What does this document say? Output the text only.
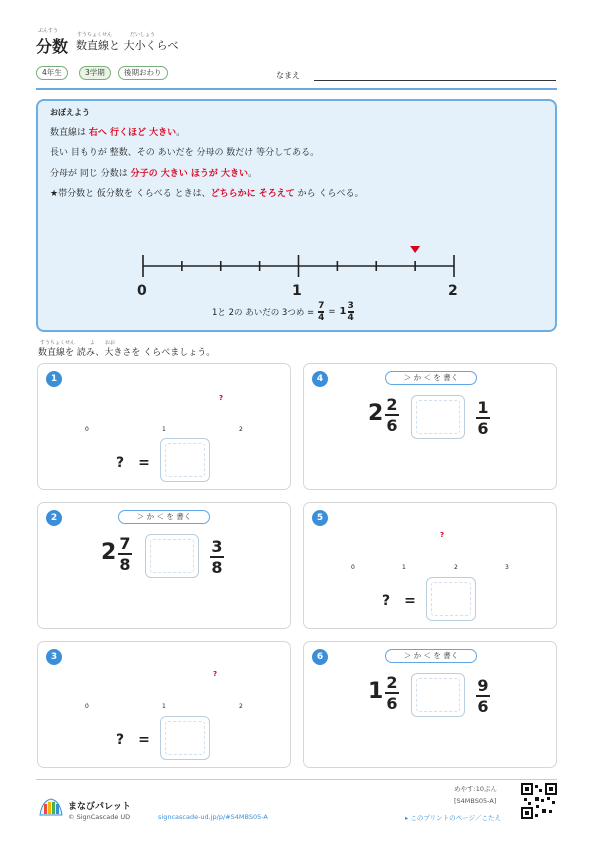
ぶんすう
分数
すうちょくせん	だいしょう
数直線と 大小くらべ
4年生	3学期	後期おわり	なまえ
おぼえよう
数直線は 右へ 行くほど 大きい。
長い 目もりが 整数、その あいだを 分母の 数だけ 等分してある。
分母が 同じ 分数は 分子の 大きい ほうが 大きい。
★帯分数と 仮分数を くらべる ときは、どちらかに そろえて から くらべる。
0	1	2
1と 2の あいだの 3つめ = $\frac{7}{4} = 1 \frac{3}{4}$
すうちょくせん　　　よ　　おお
数直線を 読み、大きさを くらべましょう。
1
0	1	2
?
?　=
4	＞ か ＜ を 書く
2 2
6
1
6
2	＞ か ＜ を 書く
2 7
8
3
8
5
?
0	1	2	3
?　=
3
?
0	1	2
?　=
6	＞ か ＜ を 書く
1 2
6
9
6
まなびパレット
© SignCascade UD	signcascade-ud.jp/p/#S4MBS05-A
めやす:10ぷん
[S4MBS05-A]
▸ このプリントのページ／こたえ
